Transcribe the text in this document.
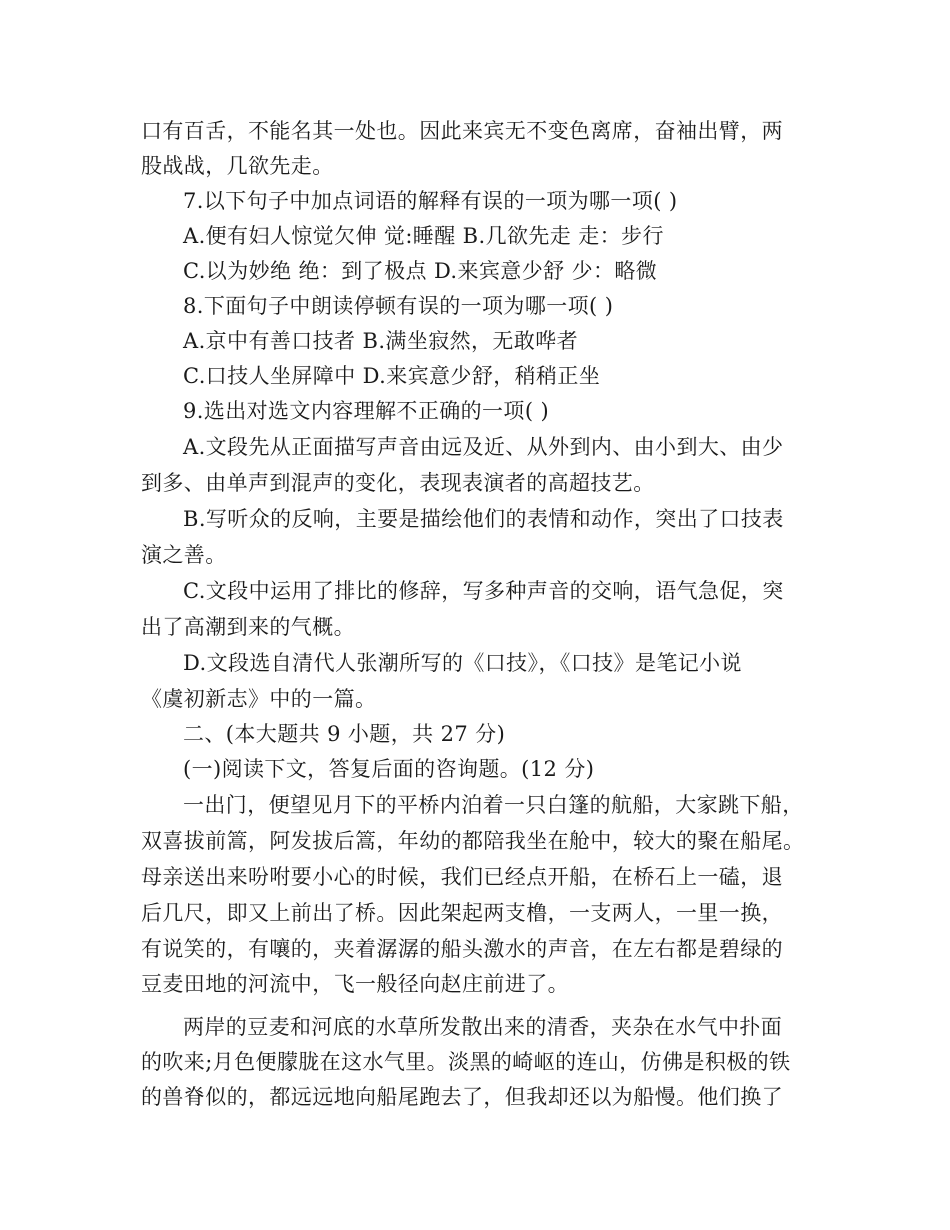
口有百舌，不能名其一处也。因此来宾无不变色离席，奋袖出臂，两
股战战，几欲先走。
7.以下句子中加点词语的解释有误的一项为哪一项( )
A.便有妇人惊觉欠伸 觉:睡醒 B.几欲先走 走：步行
C.以为妙绝 绝：到了极点 D.来宾意少舒 少：略微
8.下面句子中朗读停顿有误的一项为哪一项( )
A.京中有善口技者 B.满坐寂然，无敢哗者
C.口技人坐屏障中 D.来宾意少舒，稍稍正坐
9.选出对选文内容理解不正确的一项( )
A.文段先从正面描写声音由远及近、从外到内、由小到大、由少
到多、由单声到混声的变化，表现表演者的高超技艺。
B.写听众的反响，主要是描绘他们的表情和动作，突出了口技表
演之善。
C.文段中运用了排比的修辞，写多种声音的交响，语气急促，突
出了高潮到来的气概。
D.文段选自清代人张潮所写的《口技》，《口技》是笔记小说
《虞初新志》中的一篇。
二、(本大题共 9 小题，共 27 分)
(一)阅读下文，答复后面的咨询题。(12 分)
一出门，便望见月下的平桥内泊着一只白篷的航船，大家跳下船，
双喜拔前篙，阿发拔后篙，年幼的都陪我坐在舱中，较大的聚在船尾。
母亲送出来吩咐要小心的时候，我们已经点开船，在桥石上一磕，退
后几尺，即又上前出了桥。因此架起两支橹，一支两人，一里一换，
有说笑的，有嚷的，夹着潺潺的船头激水的声音，在左右都是碧绿的
豆麦田地的河流中，飞一般径向赵庄前进了。
两岸的豆麦和河底的水草所发散出来的清香，夹杂在水气中扑面
的吹来;月色便朦胧在这水气里。淡黑的崎岖的连山，仿佛是积极的铁
的兽脊似的，都远远地向船尾跑去了，但我却还以为船慢。他们换了
